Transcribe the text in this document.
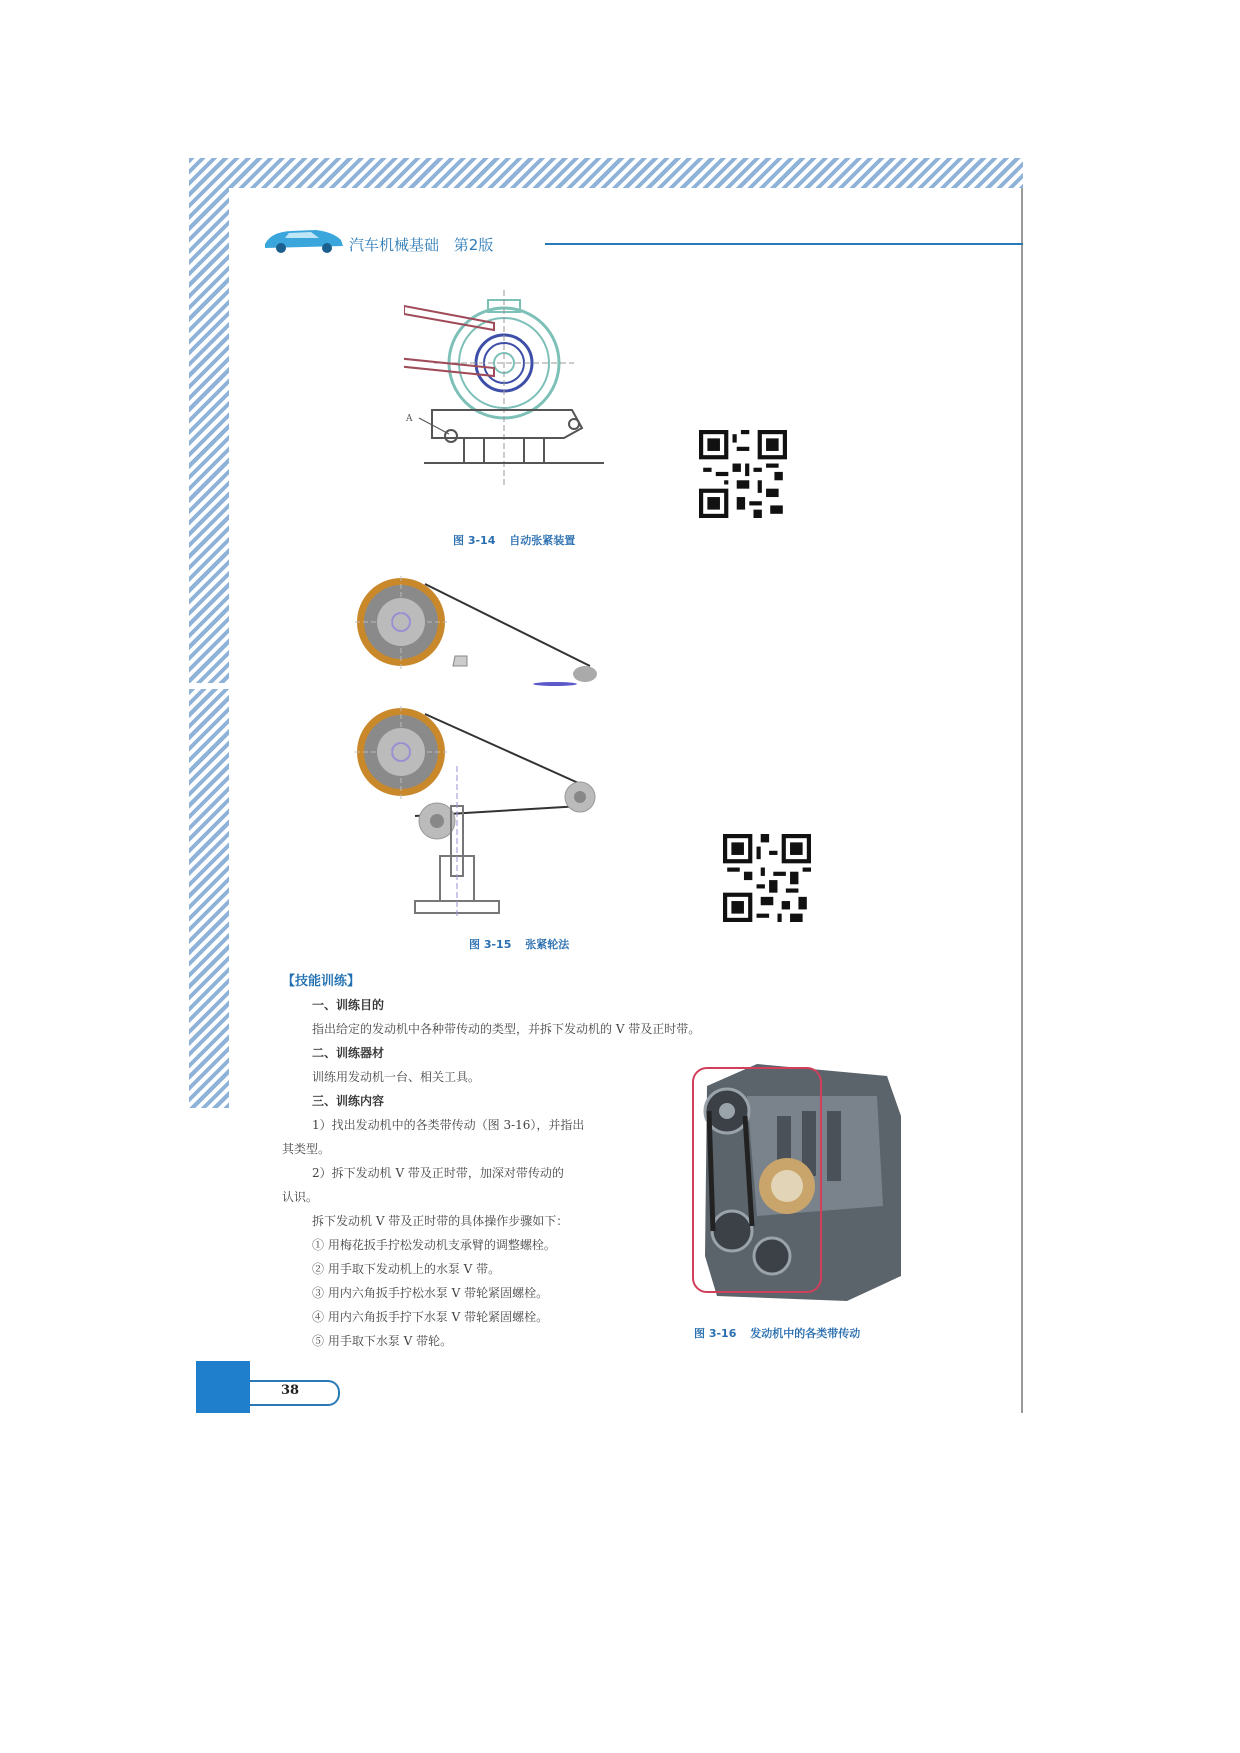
汽车机械基础 第2版
A
图 3-14 自动张紧装置
图 3-15 张紧轮法
【技能训练】
一、训练目的
指出给定的发动机中各种带传动的类型，并拆下发动机的 V 带及正时带。
二、训练器材
训练用发动机一台、相关工具。
三、训练内容
1）找出发动机中的各类带传动（图 3-16），并指出
其类型。
2）拆下发动机 V 带及正时带，加深对带传动的
认识。
拆下发动机 V 带及正时带的具体操作步骤如下：
① 用梅花扳手拧松发动机支承臂的调整螺栓。
② 用手取下发动机上的水泵 V 带。
③ 用内六角扳手拧松水泵 V 带轮紧固螺栓。
④ 用内六角扳手拧下水泵 V 带轮紧固螺栓。
⑤ 用手取下水泵 V 带轮。
图 3-16 发动机中的各类带传动
38
